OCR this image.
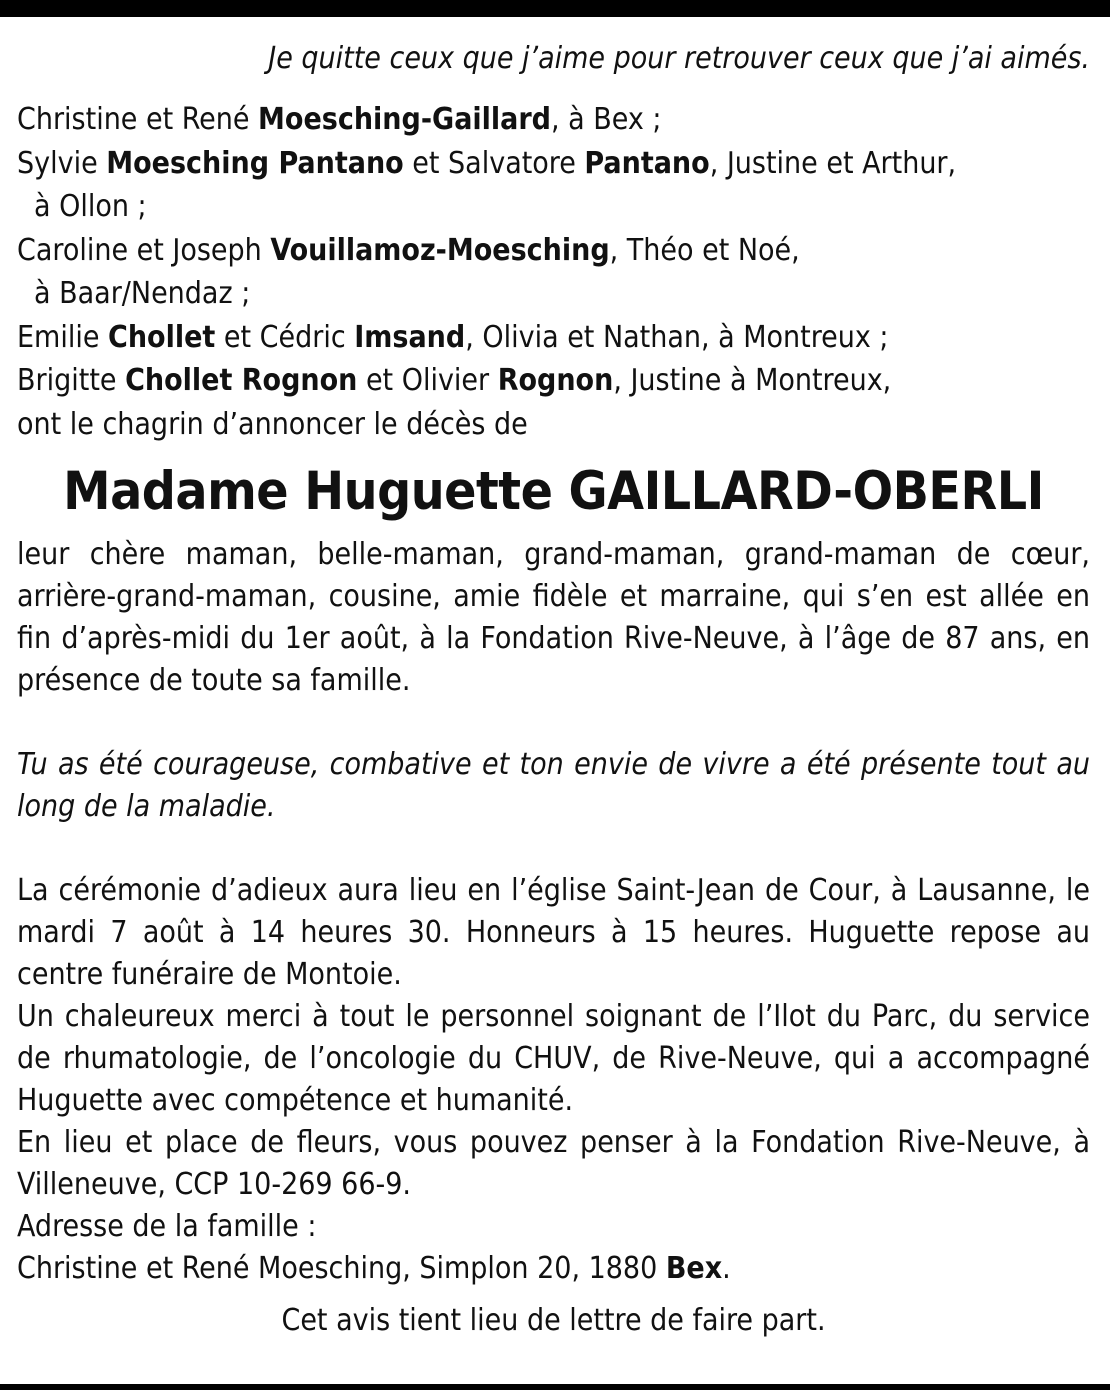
Je quitte ceux que j’aime pour retrouver ceux que j’ai aimés.
Christine et René Moesching-Gaillard, à Bex ;
Sylvie Moesching Pantano et Salvatore Pantano, Justine et Arthur,
à Ollon ;
Caroline et Joseph Vouillamoz-Moesching, Théo et Noé,
à Baar/Nendaz ;
Emilie Chollet et Cédric Imsand, Olivia et Nathan, à Montreux ;
Brigitte Chollet Rognon et Olivier Rognon, Justine à Montreux,
ont le chagrin d’annoncer le décès de
Madame Huguette GAILLARD-OBERLI

leur chère maman, belle-maman, grand-maman, grand-maman de cœur, arrière-grand-maman, cousine, amie fidèle et marraine, qui s’en est allée en fin d’après-midi du 1er août, à la Fondation Rive-Neuve, à l’âge de 87 ans, en présence de toute sa famille.

Tu as été courageuse, combative et ton envie de vivre a été présente tout au long de la maladie.

La cérémonie d’adieux aura lieu en l’église Saint-Jean de Cour, à Lausanne, le mardi 7 août à 14 heures 30. Honneurs à 15 heures. Huguette repose au centre funéraire de Montoie.

Un chaleureux merci à tout le personnel soignant de l’Ilot du Parc, du service de rhumatologie, de l’oncologie du CHUV, de Rive-Neuve, qui a accompagné Huguette avec compétence et humanité.

En lieu et place de fleurs, vous pouvez penser à la Fondation Rive-Neuve, à Villeneuve, CCP 10-269 66-9.

Adresse de la famille :
Christine et René Moesching, Simplon 20, 1880 Bex.
Cet avis tient lieu de lettre de faire part.
